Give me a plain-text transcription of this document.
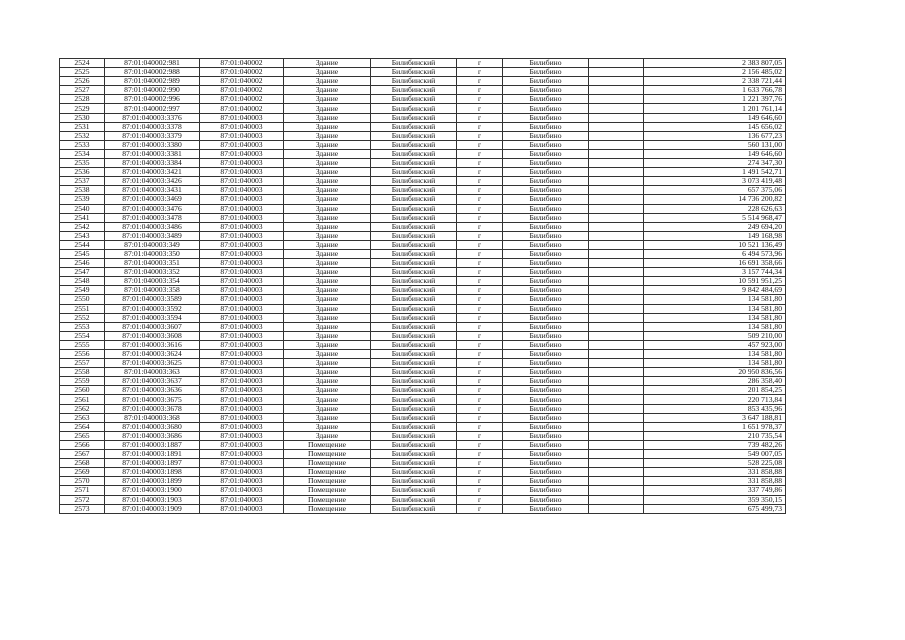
2524	87:01:040002:981	87:01:040002	Здание	Билибинский	г	Билибино		2 383 807,05
2525	87:01:040002:988	87:01:040002	Здание	Билибинский	г	Билибино		2 156 485,02
2526	87:01:040002:989	87:01:040002	Здание	Билибинский	г	Билибино		2 338 721,44
2527	87:01:040002:990	87:01:040002	Здание	Билибинский	г	Билибино		1 633 766,78
2528	87:01:040002:996	87:01:040002	Здание	Билибинский	г	Билибино		1 221 397,76
2529	87:01:040002:997	87:01:040002	Здание	Билибинский	г	Билибино		1 201 761,14
2530	87:01:040003:3376	87:01:040003	Здание	Билибинский	г	Билибино		149 646,60
2531	87:01:040003:3378	87:01:040003	Здание	Билибинский	г	Билибино		145 656,02
2532	87:01:040003:3379	87:01:040003	Здание	Билибинский	г	Билибино		136 677,23
2533	87:01:040003:3380	87:01:040003	Здание	Билибинский	г	Билибино		560 131,00
2534	87:01:040003:3381	87:01:040003	Здание	Билибинский	г	Билибино		149 646,60
2535	87:01:040003:3384	87:01:040003	Здание	Билибинский	г	Билибино		274 347,30
2536	87:01:040003:3421	87:01:040003	Здание	Билибинский	г	Билибино		1 491 542,71
2537	87:01:040003:3426	87:01:040003	Здание	Билибинский	г	Билибино		3 073 419,48
2538	87:01:040003:3431	87:01:040003	Здание	Билибинский	г	Билибино		657 375,06
2539	87:01:040003:3469	87:01:040003	Здание	Билибинский	г	Билибино		14 736 200,82
2540	87:01:040003:3476	87:01:040003	Здание	Билибинский	г	Билибино		228 626,63
2541	87:01:040003:3478	87:01:040003	Здание	Билибинский	г	Билибино		5 514 968,47
2542	87:01:040003:3486	87:01:040003	Здание	Билибинский	г	Билибино		249 694,20
2543	87:01:040003:3489	87:01:040003	Здание	Билибинский	г	Билибино		149 168,98
2544	87:01:040003:349	87:01:040003	Здание	Билибинский	г	Билибино		10 521 136,49
2545	87:01:040003:350	87:01:040003	Здание	Билибинский	г	Билибино		6 494 573,96
2546	87:01:040003:351	87:01:040003	Здание	Билибинский	г	Билибино		16 691 358,66
2547	87:01:040003:352	87:01:040003	Здание	Билибинский	г	Билибино		3 157 744,34
2548	87:01:040003:354	87:01:040003	Здание	Билибинский	г	Билибино		10 591 951,25
2549	87:01:040003:358	87:01:040003	Здание	Билибинский	г	Билибино		9 842 484,69
2550	87:01:040003:3589	87:01:040003	Здание	Билибинский	г	Билибино		134 581,80
2551	87:01:040003:3592	87:01:040003	Здание	Билибинский	г	Билибино		134 581,80
2552	87:01:040003:3594	87:01:040003	Здание	Билибинский	г	Билибино		134 581,80
2553	87:01:040003:3607	87:01:040003	Здание	Билибинский	г	Билибино		134 581,80
2554	87:01:040003:3608	87:01:040003	Здание	Билибинский	г	Билибино		509 210,00
2555	87:01:040003:3616	87:01:040003	Здание	Билибинский	г	Билибино		457 923,00
2556	87:01:040003:3624	87:01:040003	Здание	Билибинский	г	Билибино		134 581,80
2557	87:01:040003:3625	87:01:040003	Здание	Билибинский	г	Билибино		134 581,80
2558	87:01:040003:363	87:01:040003	Здание	Билибинский	г	Билибино		20 950 836,56
2559	87:01:040003:3637	87:01:040003	Здание	Билибинский	г	Билибино		286 358,40
2560	87:01:040003:3636	87:01:040003	Здание	Билибинский	г	Билибино		201 854,25
2561	87:01:040003:3675	87:01:040003	Здание	Билибинский	г	Билибино		220 713,84
2562	87:01:040003:3678	87:01:040003	Здание	Билибинский	г	Билибино		853 435,96
2563	87:01:040003:368	87:01:040003	Здание	Билибинский	г	Билибино		3 647 188,81
2564	87:01:040003:3680	87:01:040003	Здание	Билибинский	г	Билибино		1 651 978,37
2565	87:01:040003:3686	87:01:040003	Здание	Билибинский	г	Билибино		210 735,54
2566	87:01:040003:1887	87:01:040003	Помещение	Билибинский	г	Билибино		739 482,26
2567	87:01:040003:1891	87:01:040003	Помещение	Билибинский	г	Билибино		549 007,05
2568	87:01:040003:1897	87:01:040003	Помещение	Билибинский	г	Билибино		528 225,08
2569	87:01:040003:1898	87:01:040003	Помещение	Билибинский	г	Билибино		331 858,88
2570	87:01:040003:1899	87:01:040003	Помещение	Билибинский	г	Билибино		331 858,88
2571	87:01:040003:1900	87:01:040003	Помещение	Билибинский	г	Билибино		337 749,86
2572	87:01:040003:1903	87:01:040003	Помещение	Билибинский	г	Билибино		359 350,15
2573	87:01:040003:1909	87:01:040003	Помещение	Билибинский	г	Билибино		675 499,73
